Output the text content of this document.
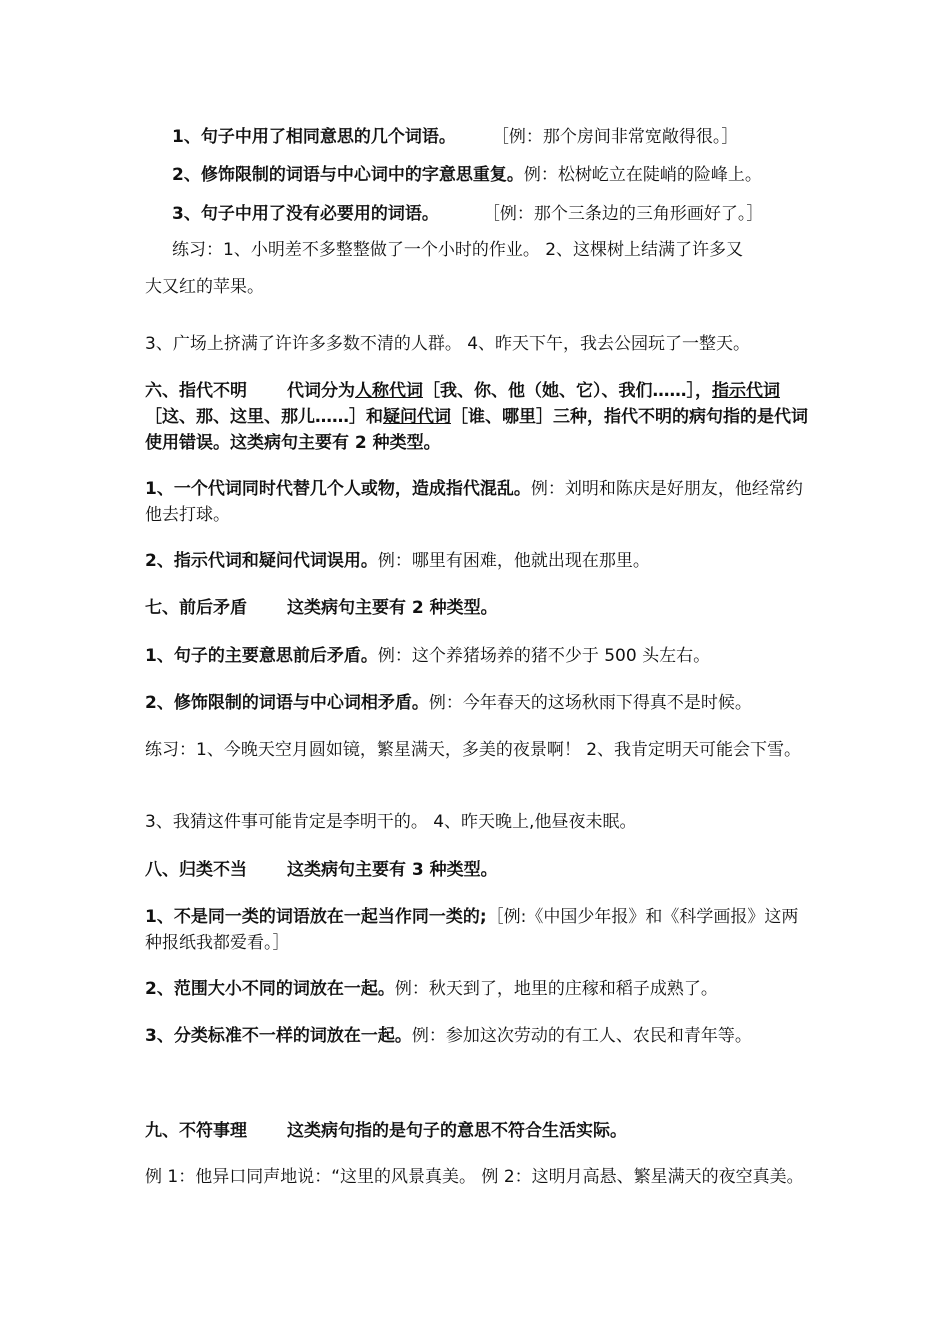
1、句子中用了相同意思的几个词语。 ［例：那个房间非常宽敞得很。］

2、修饰限制的词语与中心词中的字意思重复。例：松树屹立在陡峭的险峰上。

3、句子中用了没有必要用的词语。	［例：那个三条边的三角形画好了。］

练习：1、小明差不多整整做了一个小时的作业。 2、这棵树上结满了许多又

大又红的苹果。

3、广场上挤满了许许多多数不清的人群。 4、昨天下午，我去公园玩了一整天。

六、指代不明 代词分为人称代词［我、你、他（她、它）、我们……］，指示代词［这、那、这里、那儿……］和疑问代词［谁、哪里］三种，指代不明的病句指的是代词使用错误。这类病句主要有 2 种类型。

1、一个代词同时代替几个人或物，造成指代混乱。例：刘明和陈庆是好朋友，他经常约他去打球。

2、指示代词和疑问代词误用。例：哪里有困难，他就出现在那里。

七、前后矛盾 这类病句主要有 2 种类型。

1、句子的主要意思前后矛盾。例：这个养猪场养的猪不少于 500 头左右。

2、修饰限制的词语与中心词相矛盾。例：今年春天的这场秋雨下得真不是时候。

练习：1、今晚天空月圆如镜，繁星满天，多美的夜景啊！ 2、我肯定明天可能会下雪。

3、我猜这件事可能肯定是李明干的。 4、昨天晚上,他昼夜未眠。

八、归类不当 这类病句主要有 3 种类型。

1、不是同一类的词语放在一起当作同一类的;［例:《中国少年报》和《科学画报》这两种报纸我都爱看。］

2、范围大小不同的词放在一起。例：秋天到了，地里的庄稼和稻子成熟了。

3、分类标准不一样的词放在一起。例：参加这次劳动的有工人、农民和青年等。

九、不符事理 这类病句指的是句子的意思不符合生活实际。

例 1：他异口同声地说：“这里的风景真美。 例 2：这明月高悬、繁星满天的夜空真美。
